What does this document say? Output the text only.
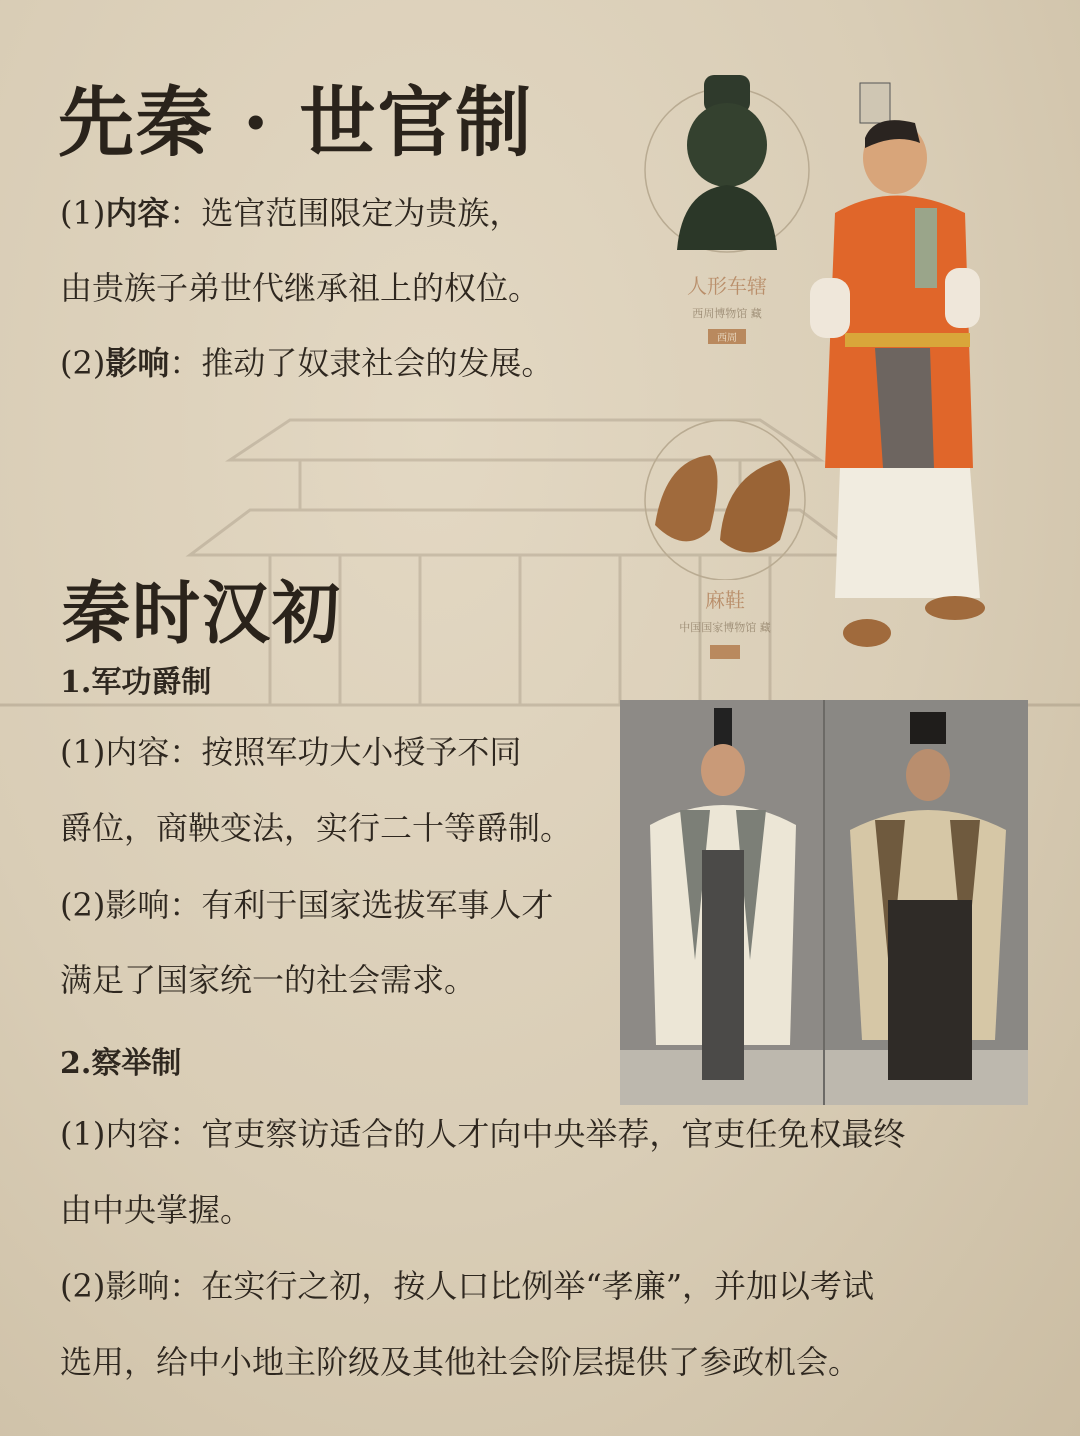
先秦 · 世官制
(1)内容：选官范围限定为贵族，
由贵族子弟世代继承祖上的权位。
(2)影响：推动了奴隶社会的发展。
人形车辖
西周博物馆 藏
西周
麻鞋
中国国家博物馆 藏
秦时汉初
1.军功爵制
(1)内容：按照军功大小授予不同
爵位，商鞅变法，实行二十等爵制。
(2)影响：有利于国家选拔军事人才
满足了国家统一的社会需求。
2.察举制
(1)内容：官吏察访适合的人才向中央举荐，官吏任免权最终
由中央掌握。
(2)影响：在实行之初，按人口比例举“孝廉”，并加以考试
选用，给中小地主阶级及其他社会阶层提供了参政机会。
